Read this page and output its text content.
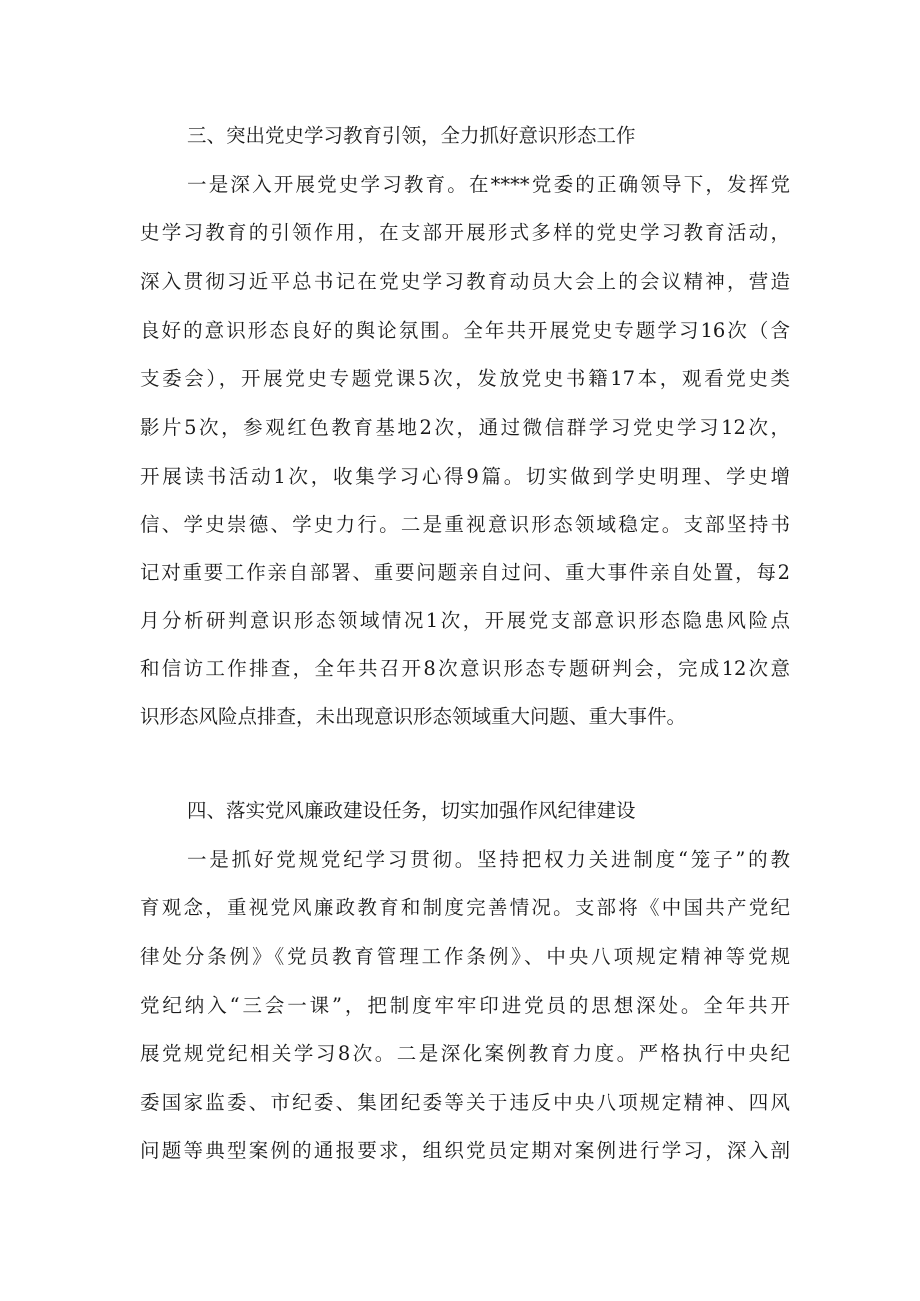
三、突出党史学习教育引领，全力抓好意识形态工作
一是深入开展党史学习教育。在****党委的正确领导下，发挥党
史学习教育的引领作用，在支部开展形式多样的党史学习教育活动，
深入贯彻习近平总书记在党史学习教育动员大会上的会议精神，营造
良好的意识形态良好的舆论氛围。全年共开展党史专题学习16次（含
支委会），开展党史专题党课5次，发放党史书籍17本，观看党史类
影片5次，参观红色教育基地2次，通过微信群学习党史学习12次，
开展读书活动1次，收集学习心得9篇。切实做到学史明理、学史增
信、学史崇德、学史力行。二是重视意识形态领域稳定。支部坚持书
记对重要工作亲自部署、重要问题亲自过问、重大事件亲自处置，每2
月分析研判意识形态领域情况1次，开展党支部意识形态隐患风险点
和信访工作排查，全年共召开8次意识形态专题研判会，完成12次意
识形态风险点排查，未出现意识形态领域重大问题、重大事件。
四、落实党风廉政建设任务，切实加强作风纪律建设
一是抓好党规党纪学习贯彻。坚持把权力关进制度“笼子”的教
育观念，重视党风廉政教育和制度完善情况。支部将《中国共产党纪
律处分条例》《党员教育管理工作条例》、中央八项规定精神等党规
党纪纳入“三会一课”，把制度牢牢印进党员的思想深处。全年共开
展党规党纪相关学习8次。二是深化案例教育力度。严格执行中央纪
委国家监委、市纪委、集团纪委等关于违反中央八项规定精神、四风
问题等典型案例的通报要求，组织党员定期对案例进行学习，深入剖
